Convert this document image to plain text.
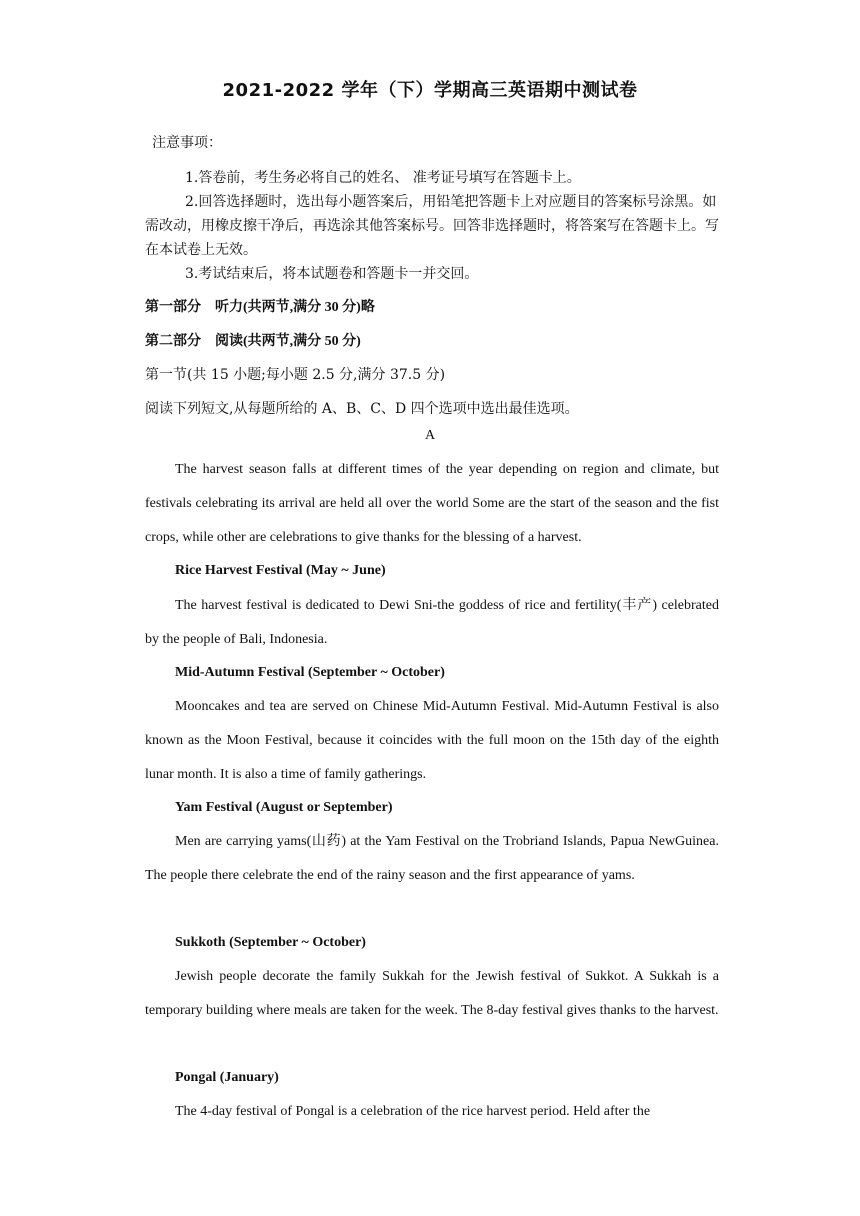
2021-2022 学年（下）学期高三英语期中测试卷
注意事项：

1.答卷前，考生务必将自己的姓名、 准考证号填写在答题卡上。

2.回答选择题时，选出每小题答案后，用铅笔把答题卡上对应题目的答案标号涂黑。如需改动，用橡皮擦干净后，再选涂其他答案标号。回答非选择题时，将答案写在答题卡上。写在本试卷上无效。

3.考试结束后，将本试题卷和答题卡一并交回。

第一部分　听力(共两节,满分 30 分)略
第二部分　阅读(共两节,满分 50 分)
第一节(共 15 小题;每小题 2.5 分,满分 37.5 分)
阅读下列短文,从每题所给的 A、B、C、D 四个选项中选出最佳选项。
A

The harvest season falls at different times of the year depending on region and climate, but festivals celebrating its arrival are held all over the world Some are the start of the season and the fist crops, while other are celebrations to give thanks for the blessing of a harvest.

Rice Harvest Festival (May ~ June)

The harvest festival is dedicated to Dewi Sni-the goddess of rice and fertility(丰产) celebrated by the people of Bali, Indonesia.

Mid-Autumn Festival (September ~ October)

Mooncakes and tea are served on Chinese Mid-Autumn Festival. Mid-Autumn Festival is also known as the Moon Festival, because it coincides with the full moon on the 15th day of the eighth lunar month. It is also a time of family gatherings.

Yam Festival (August or September)

Men are carrying yams(山药) at the Yam Festival on the Trobriand Islands, Papua NewGuinea. The people there celebrate the end of the rainy season and the first appearance of yams.

Sukkoth (September ~ October)

Jewish people decorate the family Sukkah for the Jewish festival of Sukkot. A Sukkah is a temporary building where meals are taken for the week. The 8-day festival gives thanks to the harvest.

Pongal (January)

The 4-day festival of Pongal is a celebration of the rice harvest period. Held after the
